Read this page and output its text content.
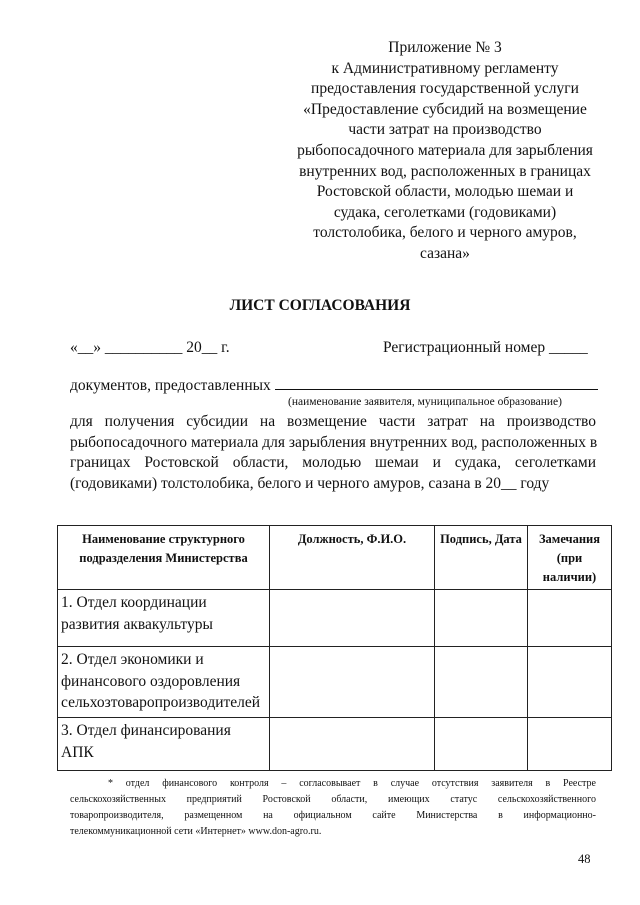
Приложение № 3
к Административному регламенту
предоставления государственной услуги
«Предоставление субсидий на возмещение
части затрат на производство
рыбопосадочного материала для зарыбления
внутренних вод, расположенных в границах
Ростовской области, молодью шемаи и
судака, сеголетками (годовиками)
толстолобика, белого и черного амуров,
сазана»
ЛИСТ СОГЛАСОВАНИЯ
«__» __________ 20__ г.	Регистрационный номер _____
документов, предоставленных
(наименование заявителя, муниципальное образование)
для получения субсидии на возмещение части затрат на производство
рыбопосадочного материала для зарыбления внутренних вод, расположенных в
границах Ростовской области, молодью шемаи и судака, сеголетками
(годовиками) толстолобика, белого и черного амуров, сазана в 20__ году
Наименование структурного подразделения Министерства	Должность, Ф.И.О.	Подпись, Дата	Замечания (при наличии)
1. Отдел координации развития аквакультуры			
2. Отдел экономики и финансового оздоровления сельхозтоваропроизводителей			
3. Отдел финансирования АПК			
* отдел финансового контроля – согласовывает в случае отсутствия заявителя в Реестре
сельскохозяйственных предприятий Ростовской области, имеющих статус сельскохозяйственного
товаропроизводителя, размещенном на официальном сайте Министерства в информационно-
телекоммуникационной сети «Интернет» www.don-agro.ru.
48
